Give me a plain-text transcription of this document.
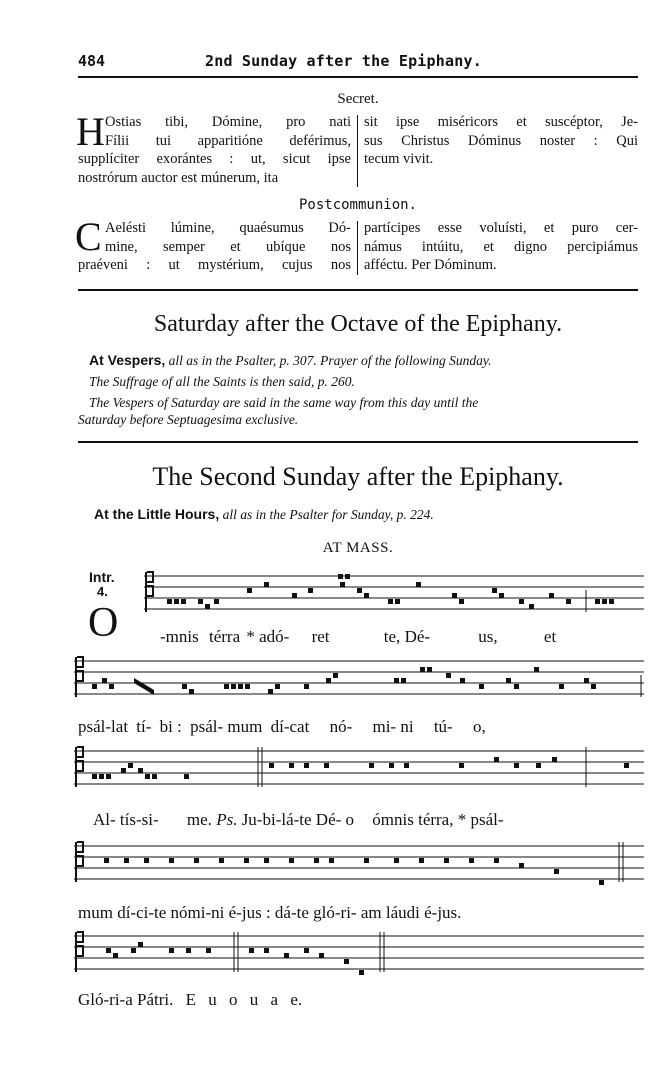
484	2nd Sunday after the Epiphany.
Secret.
H Ostias tibi, Dómine, pro nati
Fílii tui apparitióne deférimus,
supplíciter exorántes : ut, sicut ipse
nostrórum auctor est múnerum, ita
sit ipse miséricors et suscéptor, Je-
sus Christus Dóminus noster : Qui
tecum vivit.
Postcommunion.
C Aelésti lúmine, quaésumus Dó-
mine, semper et ubíque nos
praéveni : ut mystérium, cujus nos
partícipes esse voluísti, et puro cer-
námus intúitu, et digno percipiámus
afféctu. Per Dóminum.
Saturday after the Octave of the Epiphany.
At Vespers, all as in the Psalter, p. 307. Prayer of the following Sunday.
The Suffrage of all the Saints is then said, p. 260.
The Vespers of Saturday are said in the same way from this day until the
Saturday before Septuagesima exclusive.
The Second Sunday after the Epiphany.
At the Little Hours, all as in the Psalter for Sunday, p. 224.
AT MASS.
Intr.
4.
O -mnis térra * adó- ret	te, Dé-	us,	et
psál-lat tí- bi : psál- mum dí-cat nó- mi- ni tú- o,
Al- tís-si- me. Ps. Ju-bi-lá-te Dé- o ómnis térra, * psál-
mum dí-ci-te nómi-ni é-jus : dá-te gló-ri- am láudi é-jus.
Gló-ri-a Pátri. E u o u a e.
